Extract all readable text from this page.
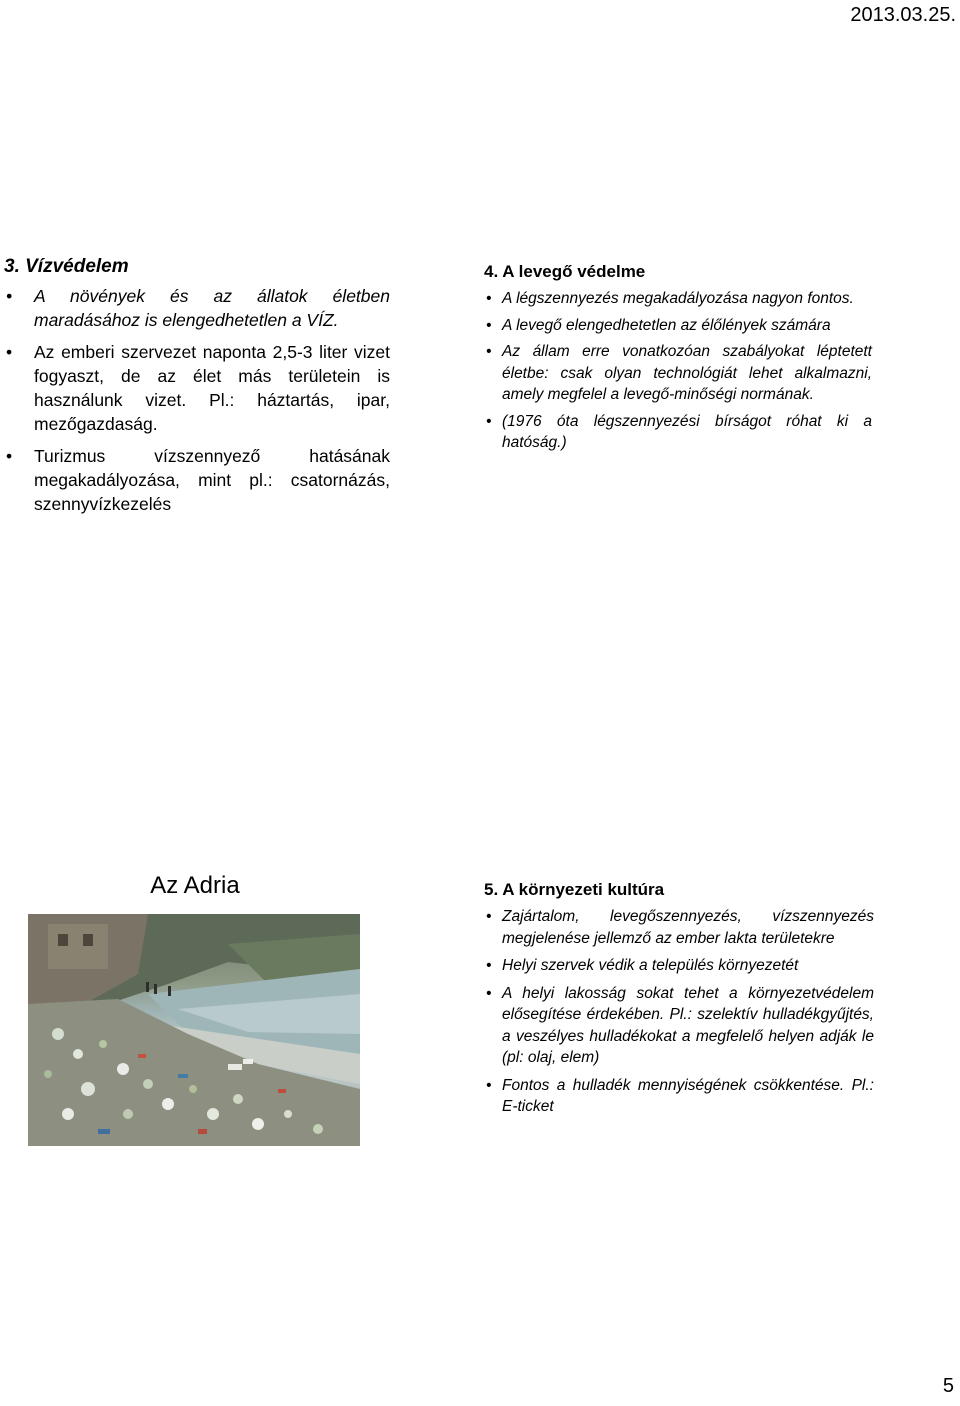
2013.03.25.
3. Vízvédelem
• A növények és az állatok életben maradásához is elengedhetetlen a VÍZ.
• Az emberi szervezet naponta 2,5-3 liter vizet fogyaszt, de az élet más területein is használunk vizet. Pl.: háztartás, ipar, mezőgazdaság.
• Turizmus vízszennyező hatásának megakadályozása, mint pl.: csatornázás, szennyvízkezelés
4. A levegő védelme
• A légszennyezés megakadályozása nagyon fontos.
• A levegő elengedhetetlen az élőlények számára
• Az állam erre vonatkozóan szabályokat léptetett életbe: csak olyan technológiát lehet alkalmazni, amely megfelel a levegő-minőségi normának.
• (1976 óta légszennyezési bírságot róhat ki a hatóság.)
Az Adria	5. A környezeti kultúra
• Zajártalom, levegőszennyezés, vízszennyezés megjelenése jellemző az ember lakta területekre
• Helyi szervek védik a település környezetét
• A helyi lakosság sokat tehet a környezetvédelem elősegítése érdekében. Pl.: szelektív hulladékgyűjtés, a veszélyes hulladékokat a megfelelő helyen adják le (pl: olaj, elem)
• Fontos a hulladék mennyiségének csökkentése. Pl.: E-ticket
5
